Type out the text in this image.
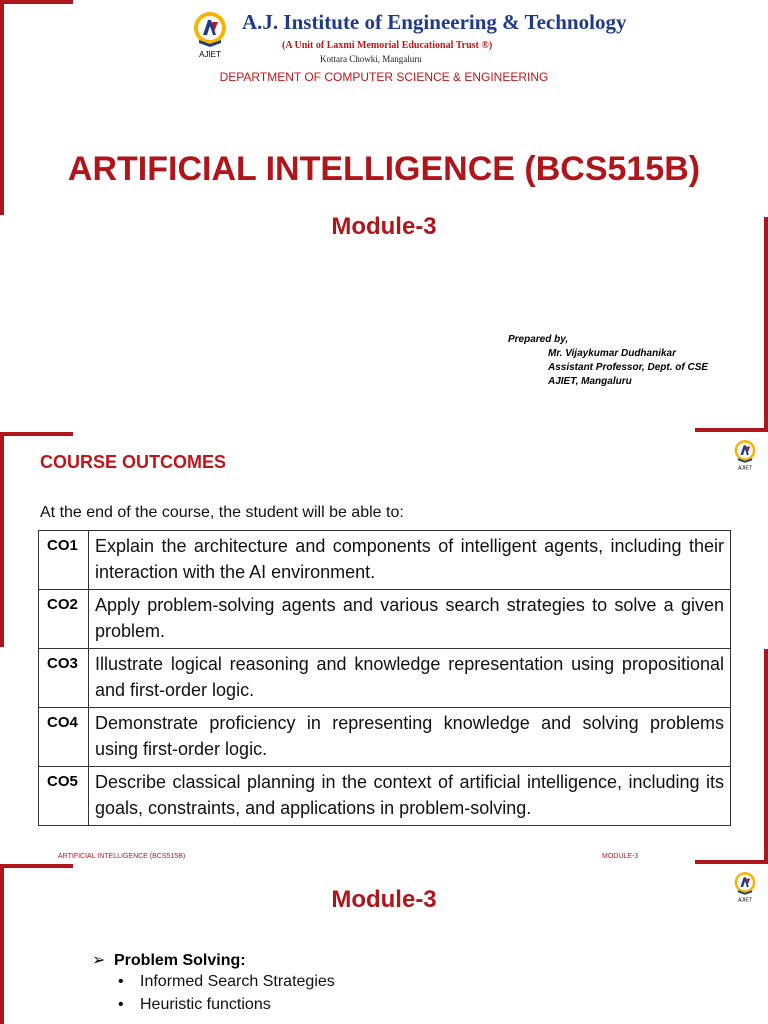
AJIET
A.J. Institute of Engineering & Technology
(A Unit of Laxmi Memorial Educational Trust ®)
Kottara Chowki, Mangaluru
DEPARTMENT OF COMPUTER SCIENCE & ENGINEERING
ARTIFICIAL INTELLIGENCE (BCS515B)
Module-3
Prepared by,
Mr. Vijaykumar Dudhanikar
Assistant Professor, Dept. of CSE
AJIET, Mangaluru
AJIET
COURSE OUTCOMES
At the end of the course, the student will be able to:
CO1	Explain the architecture and components of intelligent agents, including their interaction with the AI environment.
CO2	Apply problem-solving agents and various search strategies to solve a given problem.
CO3	Illustrate logical reasoning and knowledge representation using propositional and first-order logic.
CO4	Demonstrate proficiency in representing knowledge and solving problems using first-order logic.
CO5	Describe classical planning in the context of artificial intelligence, including its goals, constraints, and applications in problem-solving.
ARTIFICIAL INTELLIGENCE (BCS515B)	MODULE-3
AJIET
Module-3
➢ Problem Solving:
• Informed Search Strategies
• Heuristic functions
